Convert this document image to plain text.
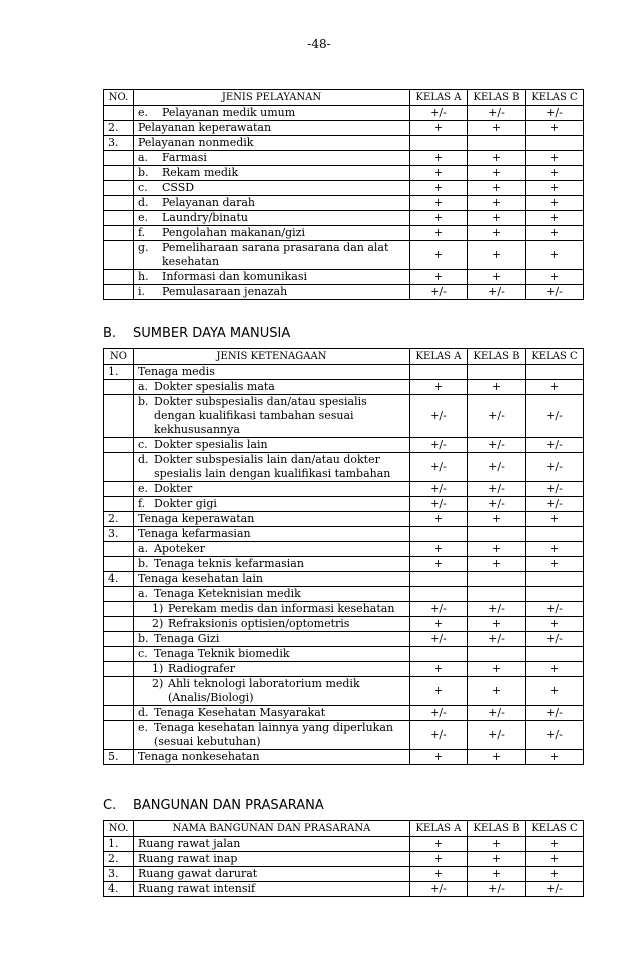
-48-
NO.	JENIS PELAYANAN	KELAS A	KELAS B	KELAS C

	e. Pelayanan medik umum	+/-	+/-	+/-
2.	Pelayanan keperawatan	+	+	+
3.	Pelayanan nonmedik			

	a. Farmasi	+	+	+

	b. Rekam medik	+	+	+

	c. CSSD	+	+	+

	d. Pelayanan darah	+	+	+

	e. Laundry/binatu	+	+	+

	f. Pengolahan makanan/gizi	+	+	+

	g. Pemeliharaan sarana prasarana dan alat kesehatan	+	+	+

	h. Informasi dan komunikasi	+	+	+

	i. Pemulasaraan jenazah	+/-	+/-	+/-
B. SUMBER DAYA MANUSIA
NO	JENIS KETENAGAAN	KELAS A	KELAS B	KELAS C
1.	Tenaga medis			

	a. Dokter spesialis mata	+	+	+

	b. Dokter subspesialis dan/atau spesialis dengan kualifikasi tambahan sesuai kekhususannya	+/-	+/-	+/-

	c. Dokter spesialis lain	+/-	+/-	+/-

	d. Dokter subspesialis lain dan/atau dokter spesialis lain dengan kualifikasi tambahan	+/-	+/-	+/-

	e. Dokter	+/-	+/-	+/-

	f. Dokter gigi	+/-	+/-	+/-
2.	Tenaga keperawatan	+	+	+
3.	Tenaga kefarmasian			

	a. Apoteker	+	+	+

	b. Tenaga teknis kefarmasian	+	+	+
4.	Tenaga kesehatan lain			

	a. Tenaga Keteknisian medik			

	1) Perekam medis dan informasi kesehatan	+/-	+/-	+/-

	2) Refraksionis optisien/optometris	+	+	+

	b. Tenaga Gizi	+/-	+/-	+/-

	c. Tenaga Teknik biomedik			

	1) Radiografer	+	+	+

	2) Ahli teknologi laboratorium medik (Analis/Biologi)	+	+	+

	d. Tenaga Kesehatan Masyarakat	+/-	+/-	+/-

	e. Tenaga kesehatan lainnya yang diperlukan (sesuai kebutuhan)	+/-	+/-	+/-
5.	Tenaga nonkesehatan	+	+	+
C. BANGUNAN DAN PRASARANA
NO.	NAMA BANGUNAN DAN PRASARANA	KELAS A	KELAS B	KELAS C
1.	Ruang rawat jalan	+	+	+
2.	Ruang rawat inap	+	+	+
3.	Ruang gawat darurat	+	+	+
4.	Ruang rawat intensif	+/-	+/-	+/-
